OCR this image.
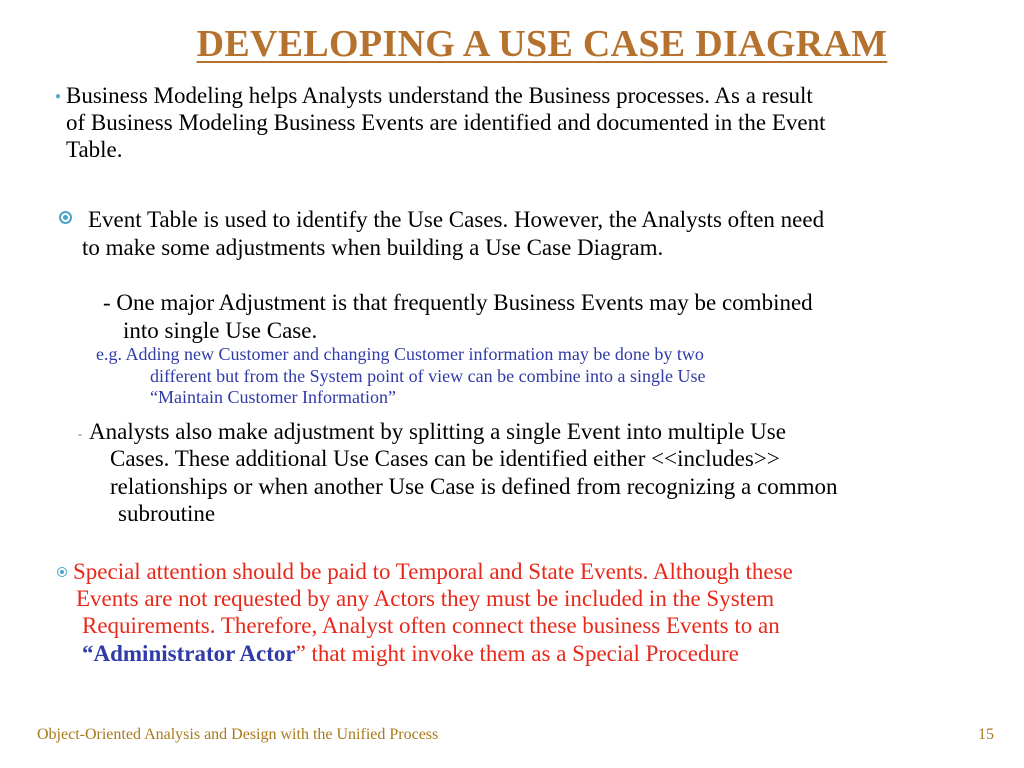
DEVELOPING A USE CASE DIAGRAM
● Business Modeling helps Analysts understand the Business processes. As a result
of Business Modeling Business Events are identified and documented in the Event
Table.
Event Table is used to identify the Use Cases. However, the Analysts often need
to make some adjustments when building a Use Case Diagram.
- One major Adjustment is that frequently Business Events may be combined
into single Use Case.
e.g. Adding new Customer and changing Customer information may be done by two
different but from the System point of view can be combine into a single Use
“Maintain Customer Information”
- Analysts also make adjustment by splitting a single Event into multiple Use
Cases. These additional Use Cases can be identified either <<includes>>
relationships or when another Use Case is defined from recognizing a common
subroutine
Special attention should be paid to Temporal and State Events. Although these
Events are not requested by any Actors they must be included in the System
Requirements. Therefore, Analyst often connect these business Events to an
“Administrator Actor” that might invoke them as a Special Procedure
Object-Oriented Analysis and Design with the Unified Process	15
